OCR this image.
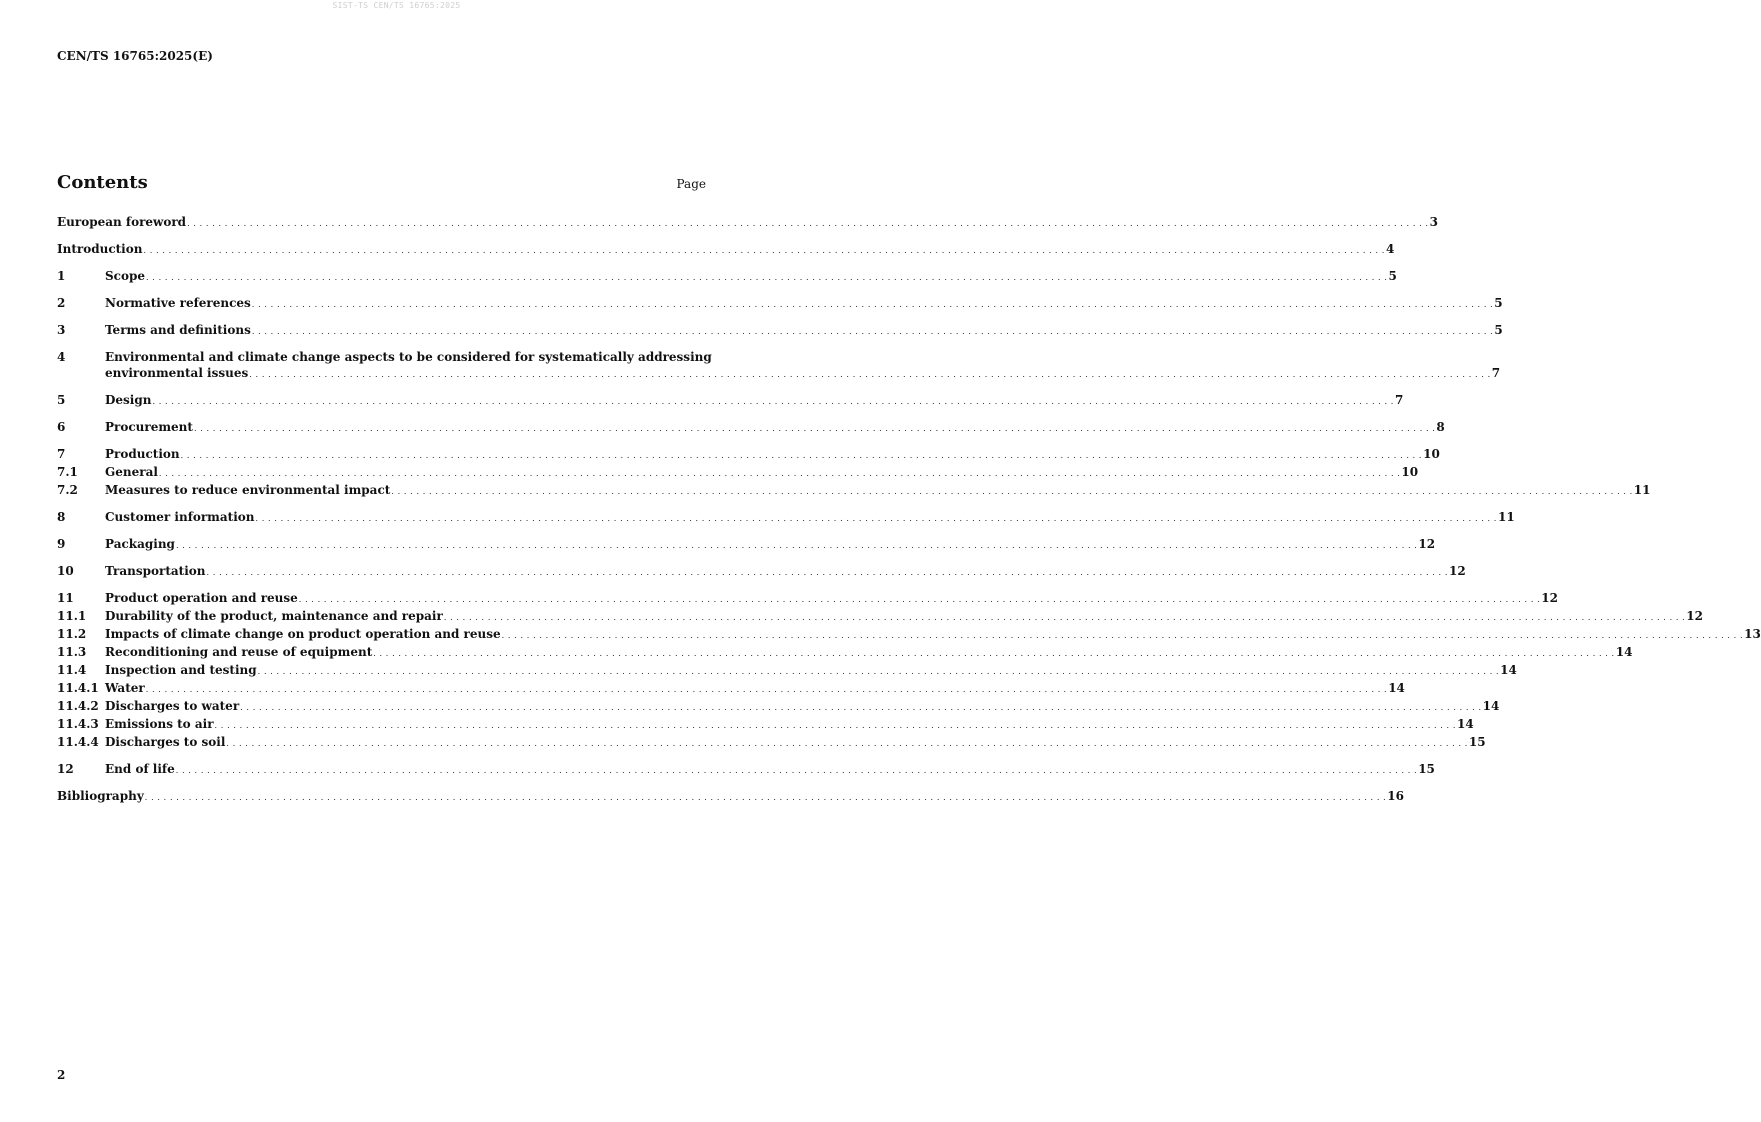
SIST-TS CEN/TS 16765:2025
CEN/TS 16765:2025(E)
Contents	Page
European foreword . . .	3
Introduction . . .	4
1	Scope . . .	5
2	Normative references . . .	5
3	Terms and definitions . . .	5
4	Environmental and climate change aspects to be considered for systematically addressing
environmental issues . . .	7
5	Design . . .	7
6	Procurement . . .	8
7	Production . . .	10
7.1	General . . .	10
7.2	Measures to reduce environmental impact . . .	11
8	Customer information . . .	11
9	Packaging . . .	12
10	Transportation . . .	12
11	Product operation and reuse . . .	12
11.1	Durability of the product, maintenance and repair . . .	12
11.2	Impacts of climate change on product operation and reuse . . .	13
11.3	Reconditioning and reuse of equipment . . .	14
11.4	Inspection and testing . . .	14
11.4.1 Water . . .	14
11.4.2 Discharges to water . . .	14
11.4.3 Emissions to air . . .	14
11.4.4 Discharges to soil . . .	15
12	End of life . . .	15
Bibliography . . .	16
2
